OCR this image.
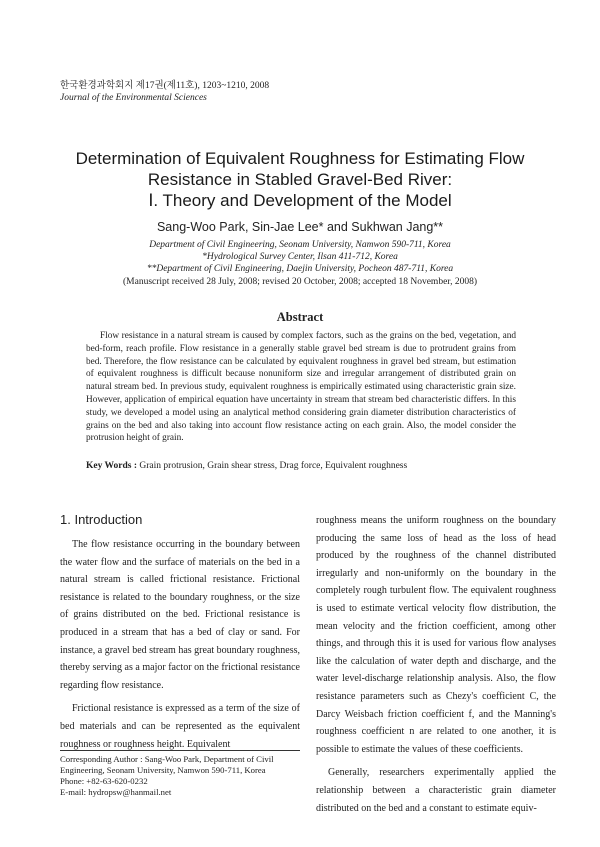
한국환경과학회지 제17권(제11호), 1203~1210, 2008
Journal of the Environmental Sciences
Determination of Equivalent Roughness for Estimating Flow
Resistance in Stabled Gravel-Bed River:
Ⅰ. Theory and Development of the Model
Sang-Woo Park, Sin-Jae Lee* and Sukhwan Jang**
Department of Civil Engineering, Seonam University, Namwon 590-711, Korea
*Hydrological Survey Center, Ilsan 411-712, Korea
**Department of Civil Engineering, Daejin University, Pocheon 487-711, Korea
(Manuscript received 28 July, 2008; revised 20 October, 2008; accepted 18 November, 2008)
Abstract
Flow resistance in a natural stream is caused by complex factors, such as the grains on the bed, vegetation, and bed-form, reach profile. Flow resistance in a generally stable gravel bed stream is due to protrudent grains from bed. Therefore, the flow resistance can be calculated by equivalent roughness in gravel bed stream, but estimation of equivalent roughness is difficult because nonuniform size and irregular arrangement of distributed grain on natural stream bed. In previous study, equivalent roughness is empirically estimated using characteristic grain size. However, application of empirical equation have uncertainty in stream that stream bed characteristic differs. In this study, we developed a model using an analytical method considering grain diameter distribution characteristics of grains on the bed and also taking into account flow resistance acting on each grain. Also, the model consider the protrusion height of grain.
Key Words : Grain protrusion, Grain shear stress, Drag force, Equivalent roughness
1. Introduction

The flow resistance occurring in the boundary between the water flow and the surface of materials on the bed in a natural stream is called frictional resistance. Frictional resistance is related to the boundary roughness, or the size of grains distributed on the bed. Frictional resistance is produced in a stream that has a bed of clay or sand. For instance, a gravel bed stream has great boundary roughness, thereby serving as a major factor on the frictional resistance regarding flow resistance.

Frictional resistance is expressed as a term of the size of bed materials and can be represented as the equivalent roughness or roughness height. Equivalent

roughness means the uniform roughness on the boundary producing the same loss of head as the loss of head produced by the roughness of the channel distributed irregularly and non-uniformly on the boundary in the completely rough turbulent flow. The equivalent roughness is used to estimate vertical velocity flow distribution, the mean velocity and the friction coefficient, among other things, and through this it is used for various flow analyses like the calculation of water depth and discharge, and the water level-discharge relationship analysis. Also, the flow resistance parameters such as Chezy's coefficient C, the Darcy Weisbach friction coefficient f, and the Manning's roughness coefficient n are related to one another, it is possible to estimate the values of these coefficients.

Generally, researchers experimentally applied the relationship between a characteristic grain diameter distributed on the bed and a constant to estimate equiv-

Corresponding Author : Sang-Woo Park, Department of Civil Engineering, Seonam University, Namwon 590-711, Korea
Phone: +82-63-620-0232
E-mail: hydropsw@hanmail.net
